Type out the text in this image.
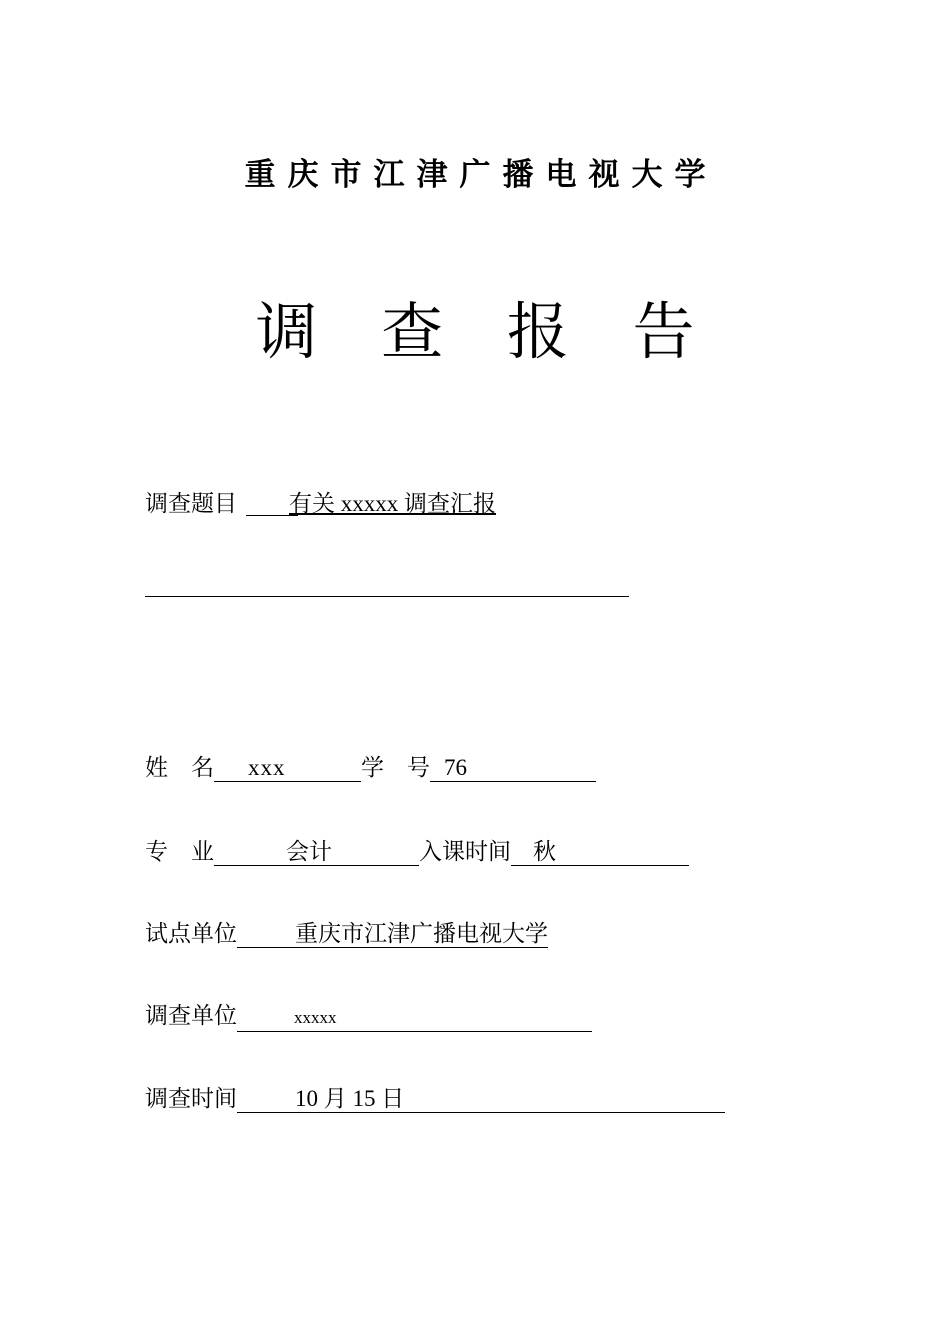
重庆市江津广播电视大学
调 查 报 告
调查题目 有关 xxxxx 调查汇报
姓　名 xxx	学　号 76
专　业	会计	入课时间 秋
试点单位	重庆市江津广播电视大学
调查单位	xxxxx
调查时间	10 月 15 日
